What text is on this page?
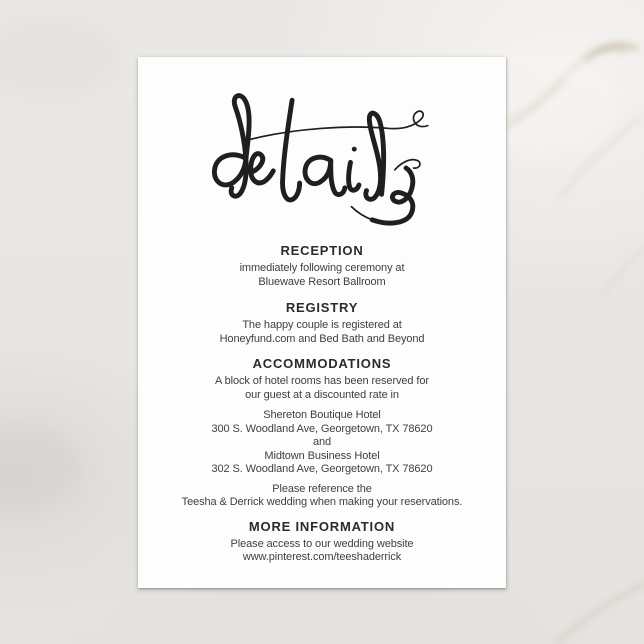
RECEPTION
immediately following ceremony at
Bluewave Resort Ballroom
REGISTRY
The happy couple is registered at
Honeyfund.com and Bed Bath and Beyond
ACCOMMODATIONS
A block of hotel rooms has been reserved for
our guest at a discounted rate in
Shereton Boutique Hotel
300 S. Woodland Ave, Georgetown, TX 78620
and
Midtown Business Hotel
302 S. Woodland Ave, Georgetown, TX 78620
Please reference the
Teesha & Derrick wedding when making your reservations.
MORE INFORMATION
Please access to our wedding website
www.pinterest.com/teeshaderrick
